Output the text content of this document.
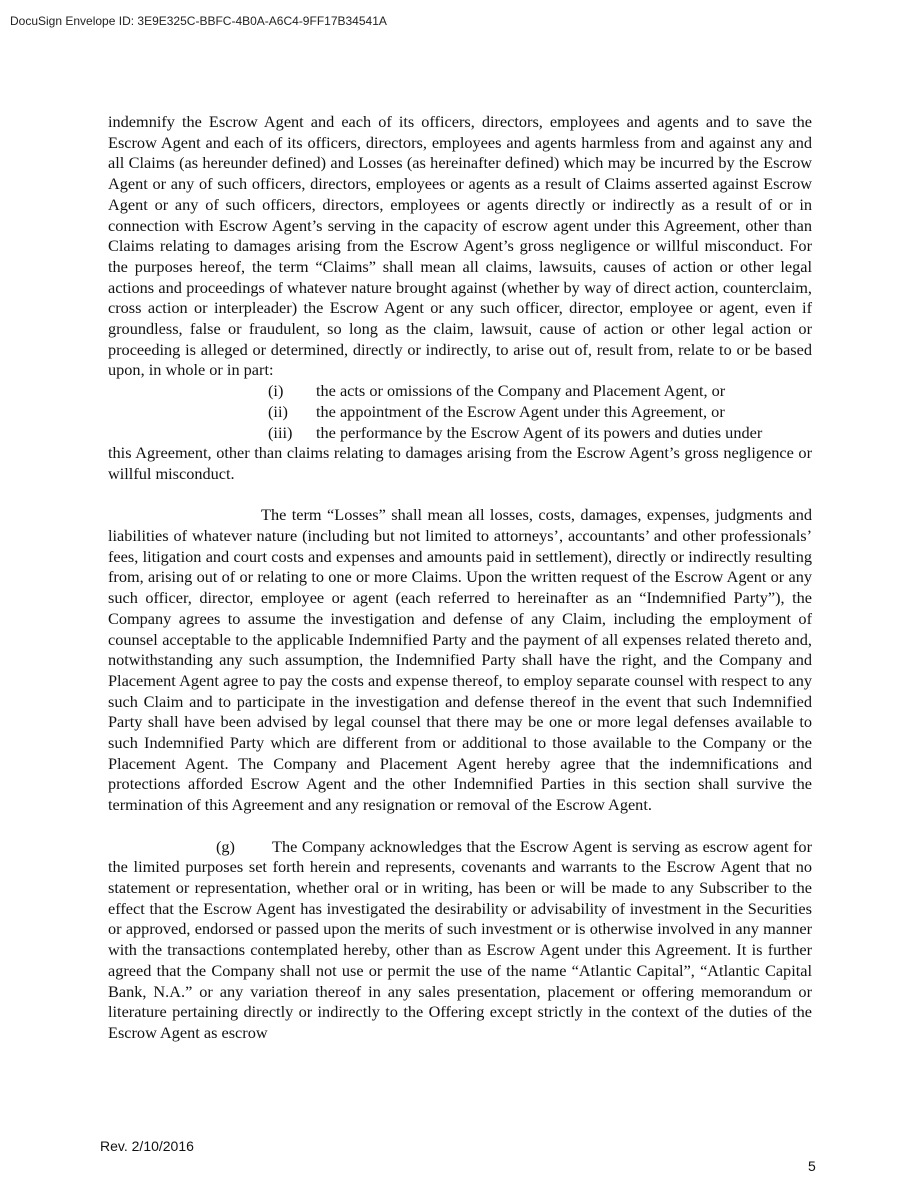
DocuSign Envelope ID: 3E9E325C-BBFC-4B0A-A6C4-9FF17B34541A

indemnify the Escrow Agent and each of its officers, directors, employees and agents and to save the Escrow Agent and each of its officers, directors, employees and agents harmless from and against any and all Claims (as hereunder defined) and Losses (as hereinafter defined) which may be incurred by the Escrow Agent or any of such officers, directors, employees or agents as a result of Claims asserted against Escrow Agent or any of such officers, directors, employees or agents directly or indirectly as a result of or in connection with Escrow Agent’s serving in the capacity of escrow agent under this Agreement, other than Claims relating to damages arising from the Escrow Agent’s gross negligence or willful misconduct. For the purposes hereof, the term “Claims” shall mean all claims, lawsuits, causes of action or other legal actions and proceedings of whatever nature brought against (whether by way of direct action, counterclaim, cross action or interpleader) the Escrow Agent or any such officer, director, employee or agent, even if groundless, false or fraudulent, so long as the claim, lawsuit, cause of action or other legal action or proceeding is alleged or determined, directly or indirectly, to arise out of, result from, relate to or be based upon, in whole or in part:

(i) the acts or omissions of the Company and Placement Agent, or
(ii) the appointment of the Escrow Agent under this Agreement, or
(iii) the performance by the Escrow Agent of its powers and duties under

this Agreement, other than claims relating to damages arising from the Escrow Agent’s gross negligence or willful misconduct.

The term “Losses” shall mean all losses, costs, damages, expenses, judgments and liabilities of whatever nature (including but not limited to attorneys’, accountants’ and other professionals’ fees, litigation and court costs and expenses and amounts paid in settlement), directly or indirectly resulting from, arising out of or relating to one or more Claims. Upon the written request of the Escrow Agent or any such officer, director, employee or agent (each referred to hereinafter as an “Indemnified Party”), the Company agrees to assume the investigation and defense of any Claim, including the employment of counsel acceptable to the applicable Indemnified Party and the payment of all expenses related thereto and, notwithstanding any such assumption, the Indemnified Party shall have the right, and the Company and Placement Agent agree to pay the costs and expense thereof, to employ separate counsel with respect to any such Claim and to participate in the investigation and defense thereof in the event that such Indemnified Party shall have been advised by legal counsel that there may be one or more legal defenses available to such Indemnified Party which are different from or additional to those available to the Company or the Placement Agent. The Company and Placement Agent hereby agree that the indemnifications and protections afforded Escrow Agent and the other Indemnified Parties in this section shall survive the termination of this Agreement and any resignation or removal of the Escrow Agent.

(g) The Company acknowledges that the Escrow Agent is serving as escrow agent for the limited purposes set forth herein and represents, covenants and warrants to the Escrow Agent that no statement or representation, whether oral or in writing, has been or will be made to any Subscriber to the effect that the Escrow Agent has investigated the desirability or advisability of investment in the Securities or approved, endorsed or passed upon the merits of such investment or is otherwise involved in any manner with the transactions contemplated hereby, other than as Escrow Agent under this Agreement. It is further agreed that the Company shall not use or permit the use of the name “Atlantic Capital”, “Atlantic Capital Bank, N.A.” or any variation thereof in any sales presentation, placement or offering memorandum or literature pertaining directly or indirectly to the Offering except strictly in the context of the duties of the Escrow Agent as escrow

Rev. 2/10/2016
5
